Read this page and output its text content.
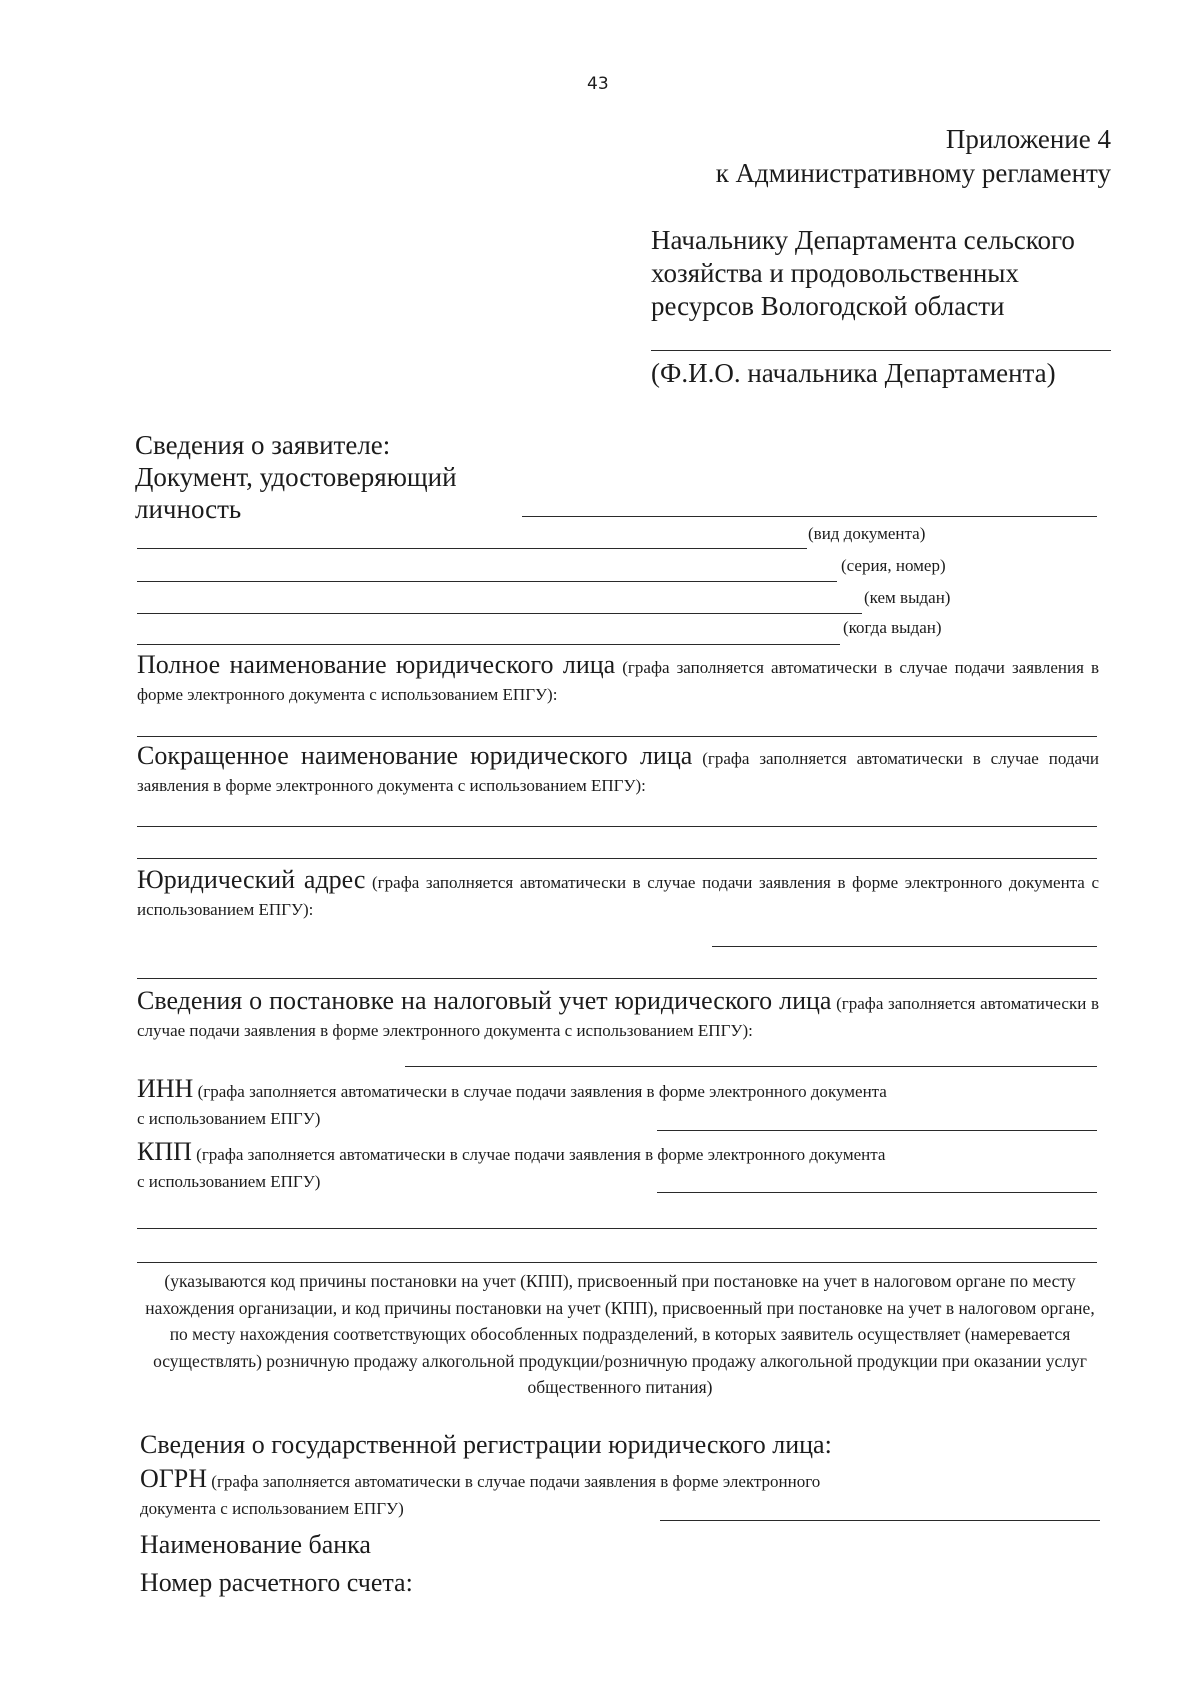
43
Приложение 4
к Административному регламенту
Начальнику Департамента сельского
хозяйства и продовольственных
ресурсов Вологодской области
(Ф.И.О. начальника Департамента)
Сведения о заявителе:
Документ, удостоверяющий
личность
(вид документа)
(серия, номер)
(кем выдан)
(когда выдан)
Полное наименование юридического лица (графа заполняется автоматически в случае подачи заявления в форме электронного документа с использованием ЕПГУ):
Сокращенное наименование юридического лица (графа заполняется автоматически в случае подачи заявления в форме электронного документа с использованием ЕПГУ):
Юридический адрес (графа заполняется автоматически в случае подачи заявления в форме электронного документа с использованием ЕПГУ):
Сведения о постановке на налоговый учет юридического лица (графа заполняется автоматически в случае подачи заявления в форме электронного документа с использованием ЕПГУ):
ИНН (графа заполняется автоматически в случае подачи заявления в форме электронного документа с использованием ЕПГУ)
КПП (графа заполняется автоматически в случае подачи заявления в форме электронного документа с использованием ЕПГУ)
(указываются код причины постановки на учет (КПП), присвоенный при постановке на учет в налоговом органе по месту нахождения организации, и код причины постановки на учет (КПП), присвоенный при постановке на учет в налоговом органе, по месту нахождения соответствующих обособленных подразделений, в которых заявитель осуществляет (намеревается осуществлять) розничную продажу алкогольной продукции/розничную продажу алкогольной продукции при оказании услуг общественного питания)
Сведения о государственной регистрации юридического лица:
ОГРН (графа заполняется автоматически в случае подачи заявления в форме электронного документа с использованием ЕПГУ)
Наименование банка
Номер расчетного счета:
